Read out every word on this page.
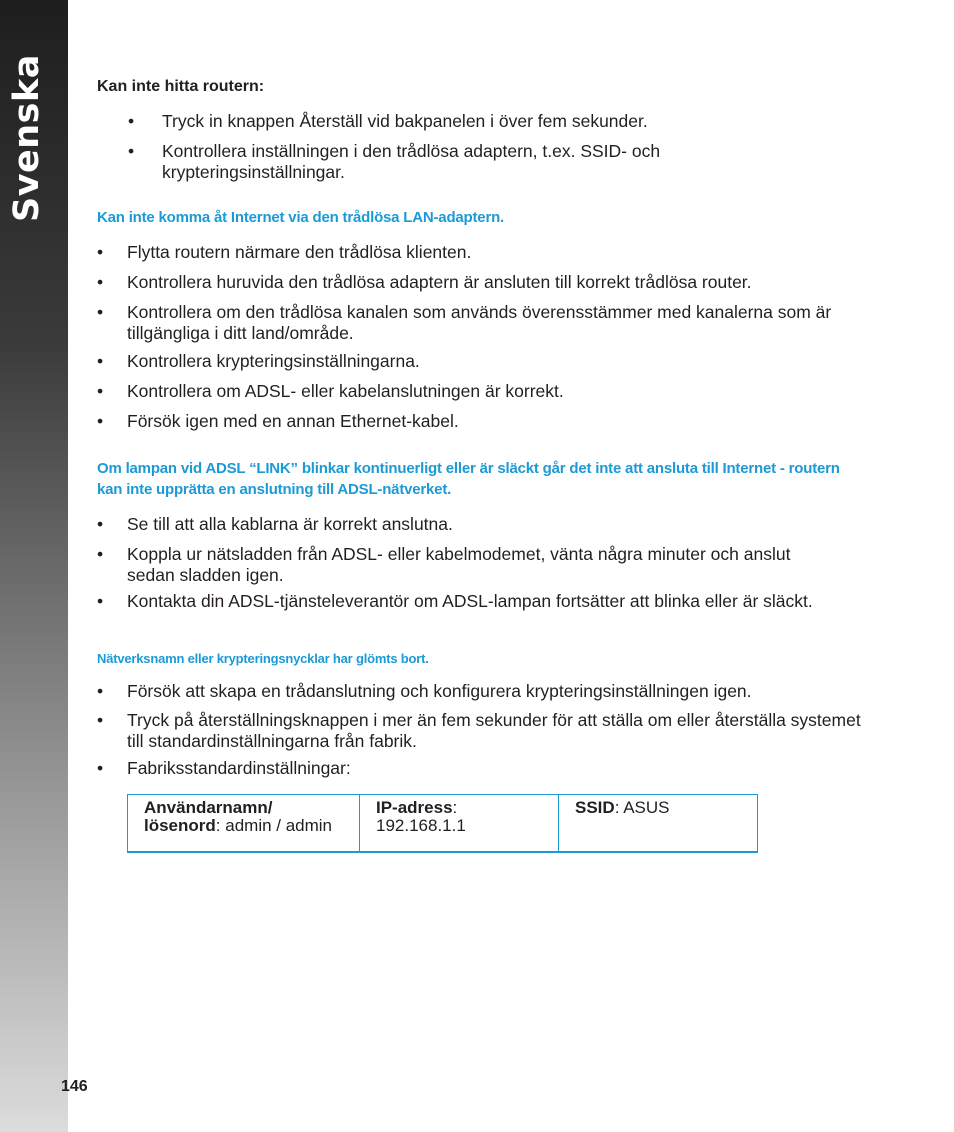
Svenska	Kan inte hitta routern:
• Tryck in knappen Återställ vid bakpanelen i över fem sekunder.
• Kontrollera inställningen i den trådlösa adaptern, t.ex. SSID- och krypteringsinställningar.
Kan inte komma åt Internet via den trådlösa LAN-adaptern.
• Flytta routern närmare den trådlösa klienten.
• Kontrollera huruvida den trådlösa adaptern är ansluten till korrekt trådlösa router.
• Kontrollera om den trådlösa kanalen som används överensstämmer med kanalerna som är tillgängliga i ditt land/område.
• Kontrollera krypteringsinställningarna.
• Kontrollera om ADSL- eller kabelanslutningen är korrekt.
• Försök igen med en annan Ethernet-kabel.
Om lampan vid ADSL “LINK” blinkar kontinuerligt eller är släckt går det inte att ansluta till Internet - routern kan inte upprätta en anslutning till ADSL-nätverket.
• Se till att alla kablarna är korrekt anslutna.
• Koppla ur nätsladden från ADSL- eller kabelmodemet, vänta några minuter och anslut sedan sladden igen.
• Kontakta din ADSL-tjänsteleverantör om ADSL-lampan fortsätter att blinka eller är släckt.
Nätverksnamn eller krypteringsnycklar har glömts bort.
• Försök att skapa en trådanslutning och konfigurera krypteringsinställningen igen.
• Tryck på återställningsknappen i mer än fem sekunder för att ställa om eller återställa systemet till standardinställningarna från fabrik.
• Fabriksstandardinställningar:
Användarnamn/ lösenord: admin / admin	IP-adress: 192.168.1.1	SSID: ASUS
146
